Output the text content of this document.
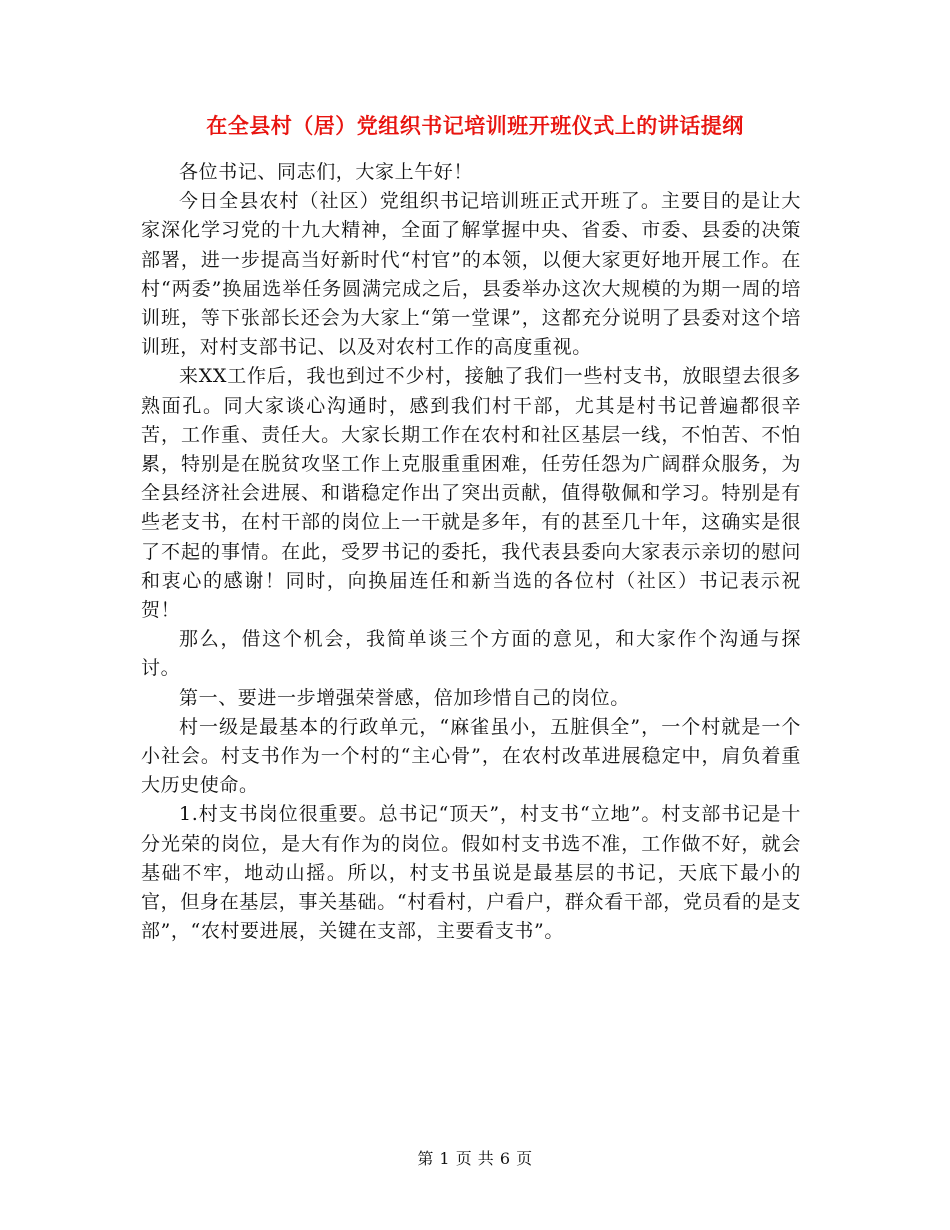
在全县村（居）党组织书记培训班开班仪式上的讲话提纲

各位书记、同志们，大家上午好！

今日全县农村（社区）党组织书记培训班正式开班了。主要目的是让大家深化学习党的十九大精神，全面了解掌握中央、省委、市委、县委的决策部署，进一步提高当好新时代“村官”的本领，以便大家更好地开展工作。在村“两委”换届选举任务圆满完成之后，县委举办这次大规模的为期一周的培训班，等下张部长还会为大家上“第一堂课”，这都充分说明了县委对这个培训班，对村支部书记、以及对农村工作的高度重视。

来XX工作后，我也到过不少村，接触了我们一些村支书，放眼望去很多熟面孔。同大家谈心沟通时，感到我们村干部，尤其是村书记普遍都很辛苦，工作重、责任大。大家长期工作在农村和社区基层一线，不怕苦、不怕累，特别是在脱贫攻坚工作上克服重重困难，任劳任怨为广阔群众服务，为全县经济社会进展、和谐稳定作出了突出贡献，值得敬佩和学习。特别是有些老支书，在村干部的岗位上一干就是多年，有的甚至几十年，这确实是很了不起的事情。在此，受罗书记的委托，我代表县委向大家表示亲切的慰问和衷心的感谢！同时，向换届连任和新当选的各位村（社区）书记表示祝贺！

那么，借这个机会，我简单谈三个方面的意见，和大家作个沟通与探讨。

第一、要进一步增强荣誉感，倍加珍惜自己的岗位。

村一级是最基本的行政单元，“麻雀虽小，五脏俱全”，一个村就是一个小社会。村支书作为一个村的“主心骨”，在农村改革进展稳定中，肩负着重大历史使命。

1.村支书岗位很重要。总书记“顶天”，村支书“立地”。村支部书记是十分光荣的岗位，是大有作为的岗位。假如村支书选不准，工作做不好，就会基础不牢，地动山摇。所以，村支书虽说是最基层的书记，天底下最小的官，但身在基层，事关基础。“村看村，户看户，群众看干部，党员看的是支部”，“农村要进展，关键在支部，主要看支书”。

第 1 页 共 6 页
